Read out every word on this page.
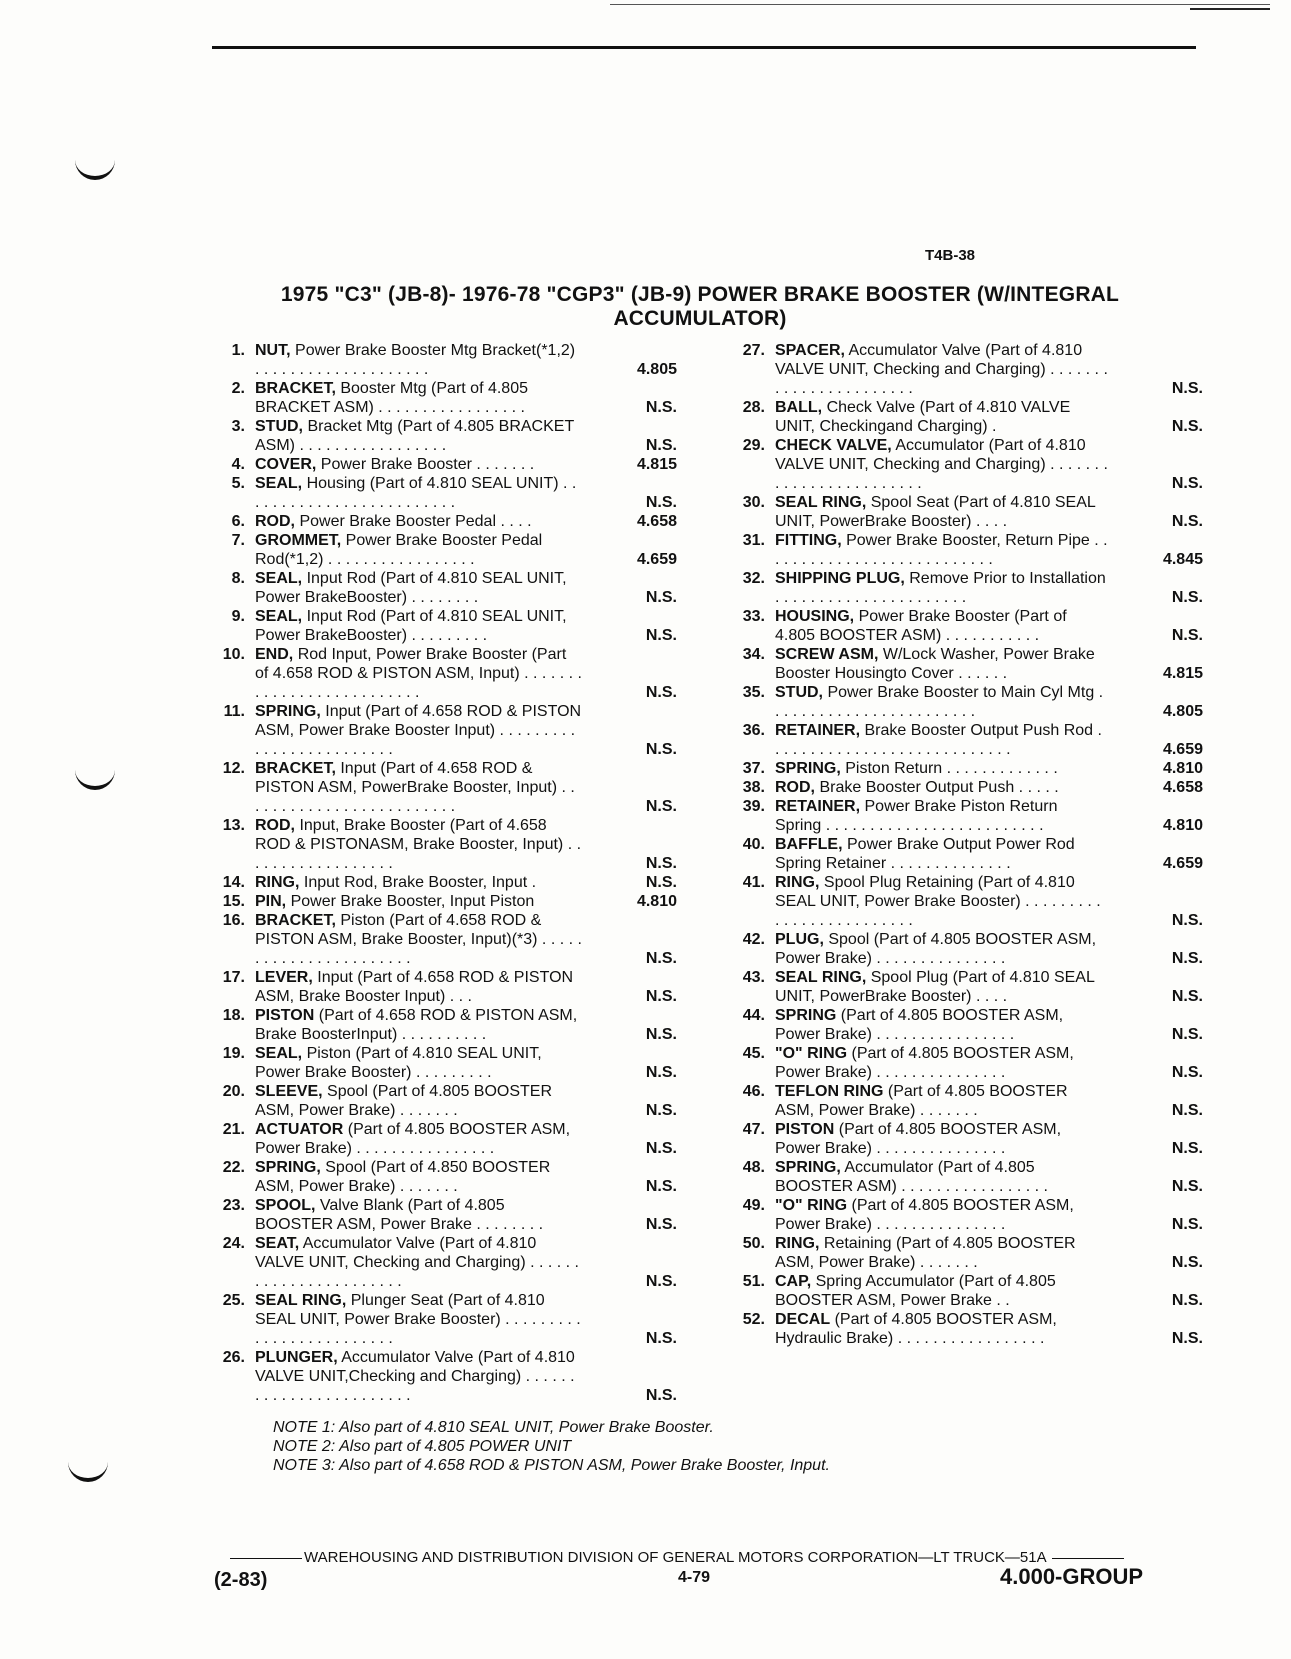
T4B-38
1975 "C3" (JB-8)- 1976-78 "CGP3" (JB-9) POWER BRAKE BOOSTER (W/INTEGRAL
ACCUMULATOR)
1. NUT, Power Brake Booster Mtg Bracket(*1,2) . . . . . . . . . . . . . . . . . . . .	4.805
2. BRACKET, Booster Mtg (Part of 4.805 BRACKET ASM) . . . . . . . . . . . . . . . . .	N.S.
3. STUD, Bracket Mtg (Part of 4.805 BRACKET ASM) . . . . . . . . . . . . . . . . .	N.S.
4. COVER, Power Brake Booster . . . . . . .	4.815
5. SEAL, Housing (Part of 4.810 SEAL UNIT) . . . . . . . . . . . . . . . . . . . . . . . . .	N.S.
6. ROD, Power Brake Booster Pedal . . . .	4.658
7. GROMMET, Power Brake Booster Pedal Rod(*1,2) . . . . . . . . . . . . . . . . .	4.659
8. SEAL, Input Rod (Part of 4.810 SEAL UNIT, Power BrakeBooster) . . . . . . . .	N.S.
9. SEAL, Input Rod (Part of 4.810 SEAL UNIT, Power BrakeBooster) . . . . . . . . .	N.S.
10. END, Rod Input, Power Brake Booster (Part of 4.658 ROD & PISTON ASM, Input) . . . . . . . . . . . . . . . . . . . . . . . . . .	N.S.
11. SPRING, Input (Part of 4.658 ROD & PISTON ASM, Power Brake Booster Input) . . . . . . . . . . . . . . . . . . . . . . . . .	N.S.
12. BRACKET, Input (Part of 4.658 ROD & PISTON ASM, PowerBrake Booster, Input) . . . . . . . . . . . . . . . . . . . . . . . . .	N.S.
13. ROD, Input, Brake Booster (Part of 4.658 ROD & PISTONASM, Brake Booster, Input) . . . . . . . . . . . . . . . . . .	N.S.
14. RING, Input Rod, Brake Booster, Input .	N.S.
15. PIN, Power Brake Booster, Input Piston	4.810
16. BRACKET, Piston (Part of 4.658 ROD & PISTON ASM, Brake Booster, Input)(*3) . . . . . . . . . . . . . . . . . . . . . . .	N.S.
17. LEVER, Input (Part of 4.658 ROD & PISTON ASM, Brake Booster Input) . . .	N.S.
18. PISTON (Part of 4.658 ROD & PISTON ASM, Brake BoosterInput) . . . . . . . . . .	N.S.
19. SEAL, Piston (Part of 4.810 SEAL UNIT, Power Brake Booster) . . . . . . . . .	N.S.
20. SLEEVE, Spool (Part of 4.805 BOOSTER ASM, Power Brake) . . . . . . .	N.S.
21. ACTUATOR (Part of 4.805 BOOSTER ASM, Power Brake) . . . . . . . . . . . . . . . .	N.S.
22. SPRING, Spool (Part of 4.850 BOOSTER ASM, Power Brake) . . . . . . .	N.S.
23. SPOOL, Valve Blank (Part of 4.805 BOOSTER ASM, Power Brake . . . . . . . .	N.S.
24. SEAT, Accumulator Valve (Part of 4.810 VALVE UNIT, Checking and Charging) . . . . . . . . . . . . . . . . . . . . . . .	N.S.
25. SEAL RING, Plunger Seat (Part of 4.810 SEAL UNIT, Power Brake Booster) . . . . . . . . . . . . . . . . . . . . . . . . .	N.S.
26. PLUNGER, Accumulator Valve (Part of 4.810 VALVE UNIT,Checking and Charging) . . . . . . . . . . . . . . . . . . . . . . . .	N.S.
27. SPACER, Accumulator Valve (Part of 4.810 VALVE UNIT, Checking and Charging) . . . . . . . . . . . . . . . . . . . . . . .	N.S.
28. BALL, Check Valve (Part of 4.810 VALVE UNIT, Checkingand Charging) .	N.S.
29. CHECK VALVE, Accumulator (Part of 4.810 VALVE UNIT, Checking and Charging) . . . . . . . . . . . . . . . . . . . . . . . .	N.S.
30. SEAL RING, Spool Seat (Part of 4.810 SEAL UNIT, PowerBrake Booster) . . . .	N.S.
31. FITTING, Power Brake Booster, Return Pipe . . . . . . . . . . . . . . . . . . . . . . . . . . .	4.845
32. SHIPPING PLUG, Remove Prior to Installation . . . . . . . . . . . . . . . . . . . . . .	N.S.
33. HOUSING, Power Brake Booster (Part of 4.805 BOOSTER ASM) . . . . . . . . . . .	N.S.
34. SCREW ASM, W/Lock Washer, Power Brake Booster Housingto Cover . . . . . .	4.815
35. STUD, Power Brake Booster to Main Cyl Mtg . . . . . . . . . . . . . . . . . . . . . . . .	4.805
36. RETAINER, Brake Booster Output Push Rod . . . . . . . . . . . . . . . . . . . . . . . . . . . .	4.659
37. SPRING, Piston Return . . . . . . . . . . . . .	4.810
38. ROD, Brake Booster Output Push . . . . .	4.658
39. RETAINER, Power Brake Piston Return Spring . . . . . . . . . . . . . . . . . . . . . . . . .	4.810
40. BAFFLE, Power Brake Output Power Rod Spring Retainer . . . . . . . . . . . . . .	4.659
41. RING, Spool Plug Retaining (Part of 4.810 SEAL UNIT, Power Brake Booster) . . . . . . . . . . . . . . . . . . . . . . . . .	N.S.
42. PLUG, Spool (Part of 4.805 BOOSTER ASM, Power Brake) . . . . . . . . . . . . . . .	N.S.
43. SEAL RING, Spool Plug (Part of 4.810 SEAL UNIT, PowerBrake Booster) . . . .	N.S.
44. SPRING (Part of 4.805 BOOSTER ASM, Power Brake) . . . . . . . . . . . . . . . .	N.S.
45. "O" RING (Part of 4.805 BOOSTER ASM, Power Brake) . . . . . . . . . . . . . . .	N.S.
46. TEFLON RING (Part of 4.805 BOOSTER ASM, Power Brake) . . . . . . .	N.S.
47. PISTON (Part of 4.805 BOOSTER ASM, Power Brake) . . . . . . . . . . . . . . .	N.S.
48. SPRING, Accumulator (Part of 4.805 BOOSTER ASM) . . . . . . . . . . . . . . . . .	N.S.
49. "O" RING (Part of 4.805 BOOSTER ASM, Power Brake) . . . . . . . . . . . . . . .	N.S.
50. RING, Retaining (Part of 4.805 BOOSTER ASM, Power Brake) . . . . . . .	N.S.
51. CAP, Spring Accumulator (Part of 4.805 BOOSTER ASM, Power Brake . .	N.S.
52. DECAL (Part of 4.805 BOOSTER ASM, Hydraulic Brake) . . . . . . . . . . . . . . . . .	N.S.
NOTE 1: Also part of 4.810 SEAL UNIT, Power Brake Booster.
NOTE 2: Also part of 4.805 POWER UNIT
NOTE 3: Also part of 4.658 ROD & PISTON ASM, Power Brake Booster, Input.
WAREHOUSING AND DISTRIBUTION DIVISION OF GENERAL MOTORS CORPORATION—LT TRUCK—51A
(2-83)	4-79	4.000-GROUP
